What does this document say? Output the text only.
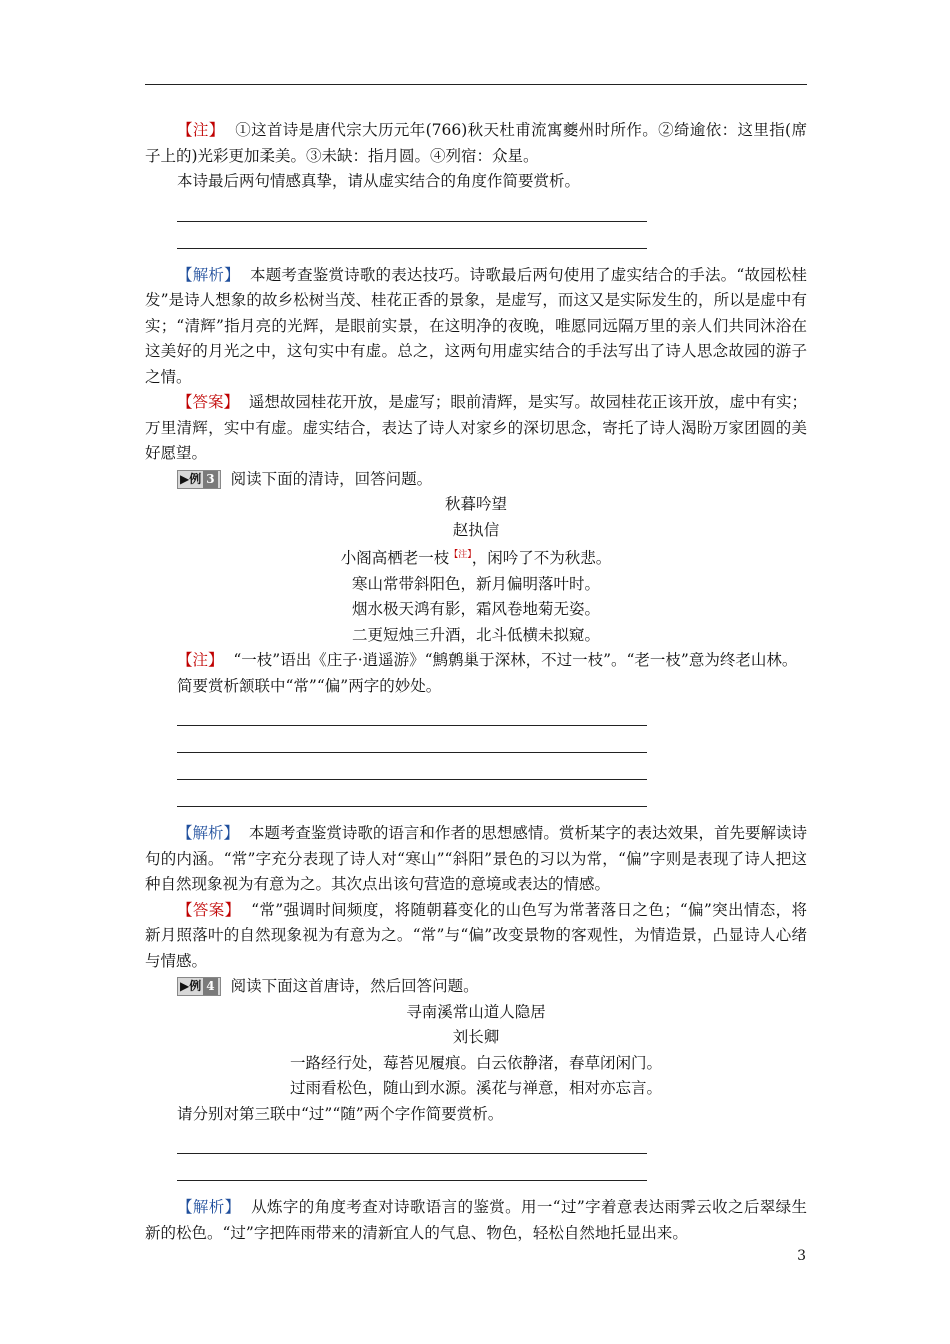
【注】 ①这首诗是唐代宗大历元年(766)秋天杜甫流寓夔州时所作。②绮逾依：这里指(席子上的)光彩更加柔美。③未缺：指月圆。④列宿：众星。

本诗最后两句情感真挚，请从虚实结合的角度作简要赏析。

【解析】 本题考查鉴赏诗歌的表达技巧。诗歌最后两句使用了虚实结合的手法。“故园松桂发”是诗人想象的故乡松树当茂、桂花正香的景象，是虚写，而这又是实际发生的，所以是虚中有实；“清辉”指月亮的光辉，是眼前实景，在这明净的夜晚，唯愿同远隔万里的亲人们共同沐浴在这美好的月光之中，这句实中有虚。总之，这两句用虚实结合的手法写出了诗人思念故园的游子之情。

【答案】 遥想故园桂花开放，是虚写；眼前清辉，是实写。故园桂花正该开放，虚中有实；万里清辉，实中有虚。虚实结合，表达了诗人对家乡的深切思念，寄托了诗人渴盼万家团圆的美好愿望。

▶ 例 3 阅读下面的清诗，回答问题。

秋暮吟望

赵执信

小阁高栖老一枝$^{【注】}$，闲吟了不为秋悲。

寒山常带斜阳色，新月偏明落叶时。

烟水极天鸿有影，霜风卷地菊无姿。

二更短烛三升酒，北斗低横未拟窥。

【注】 “一枝”语出《庄子·逍遥游》“鹪鹩巢于深林，不过一枝”。“老一枝”意为终老山林。

简要赏析颔联中“常”“偏”两字的妙处。

【解析】 本题考查鉴赏诗歌的语言和作者的思想感情。赏析某字的表达效果，首先要解读诗句的内涵。“常”字充分表现了诗人对“寒山”“斜阳”景色的习以为常，“偏”字则是表现了诗人把这种自然现象视为有意为之。其次点出该句营造的意境或表达的情感。

【答案】 “常”强调时间频度，将随朝暮变化的山色写为常著落日之色；“偏”突出情态，将新月照落叶的自然现象视为有意为之。“常”与“偏”改变景物的客观性，为情造景，凸显诗人心绪与情感。

▶ 例 4 阅读下面这首唐诗，然后回答问题。

寻南溪常山道人隐居

刘长卿

一路经行处，莓苔见履痕。白云依静渚，春草闭闲门。

过雨看松色，随山到水源。溪花与禅意，相对亦忘言。

请分别对第三联中“过”“随”两个字作简要赏析。

【解析】 从炼字的角度考查对诗歌语言的鉴赏。用一“过”字着意表达雨霁云收之后翠绿生新的松色。“过”字把阵雨带来的清新宜人的气息、物色，轻松自然地托显出来。

3
